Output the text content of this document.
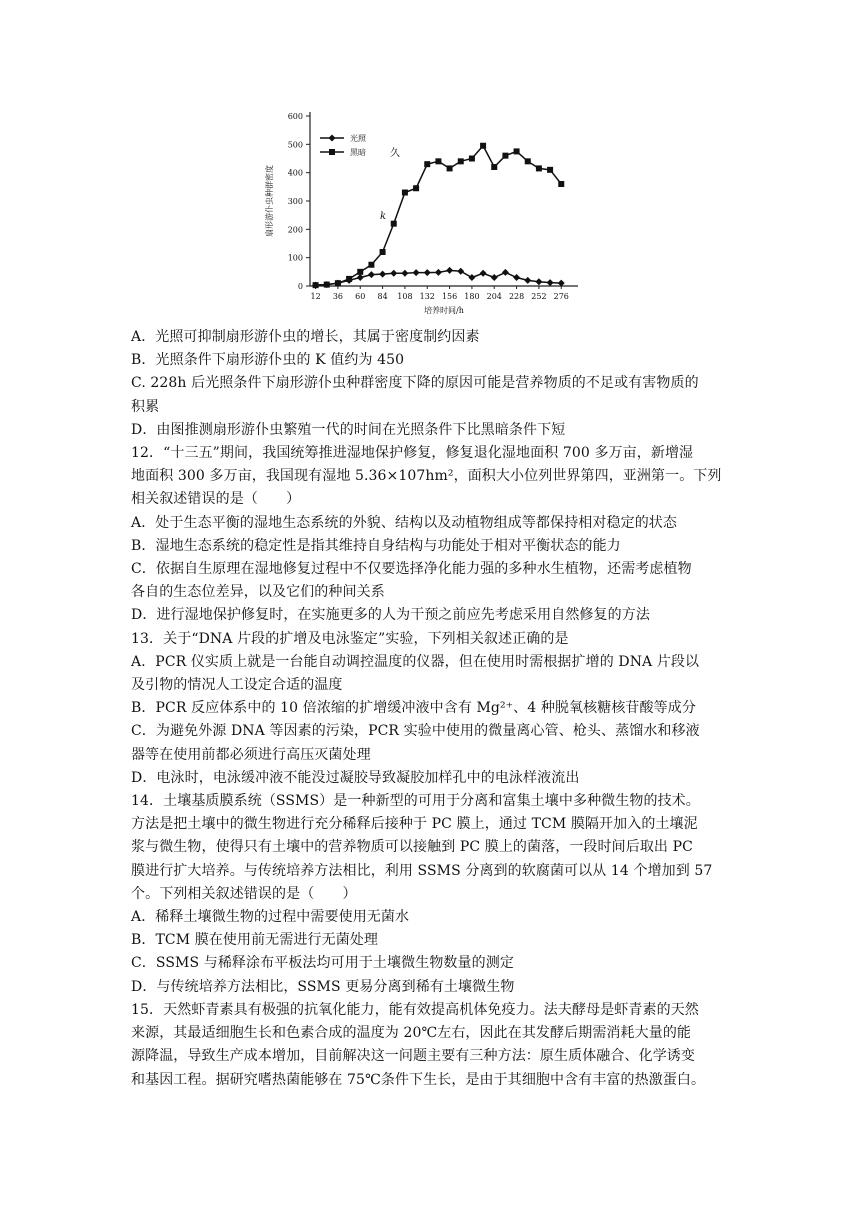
0
100
200
300
400
500
600
12 36 60 84 108 132 156 180 204 228 252 276
培养时间/h
扇形游仆虫种群密度
光照
黑暗 久
k
A．光照可抑制扇形游仆虫的增长，其属于密度制约因素
B．光照条件下扇形游仆虫的 K 值约为 450
C. 228h 后光照条件下扇形游仆虫种群密度下降的原因可能是营养物质的不足或有害物质的
积累
D．由图推测扇形游仆虫繁殖一代的时间在光照条件下比黑暗条件下短
12．“十三五”期间，我国统筹推进湿地保护修复，修复退化湿地面积 700 多万亩，新增湿
地面积 300 多万亩，我国现有湿地 5.36×107hm²，面积大小位列世界第四，亚洲第一。下列
相关叙述错误的是（　　）
A．处于生态平衡的湿地生态系统的外貌、结构以及动植物组成等都保持相对稳定的状态
B．湿地生态系统的稳定性是指其维持自身结构与功能处于相对平衡状态的能力
C．依据自生原理在湿地修复过程中不仅要选择净化能力强的多种水生植物，还需考虑植物
各自的生态位差异，以及它们的种间关系
D．进行湿地保护修复时，在实施更多的人为干预之前应先考虑采用自然修复的方法
13．关于“DNA 片段的扩增及电泳鉴定”实验，下列相关叙述正确的是
A．PCR 仪实质上就是一台能自动调控温度的仪器，但在使用时需根据扩增的 DNA 片段以
及引物的情况人工设定合适的温度
B．PCR 反应体系中的 10 倍浓缩的扩增缓冲液中含有 Mg²⁺、4 种脱氧核糖核苷酸等成分
C．为避免外源 DNA 等因素的污染，PCR 实验中使用的微量离心管、枪头、蒸馏水和移液
器等在使用前都必须进行高压灭菌处理
D．电泳时，电泳缓冲液不能没过凝胶导致凝胶加样孔中的电泳样液流出
14．土壤基质膜系统（SSMS）是一种新型的可用于分离和富集土壤中多种微生物的技术。
方法是把土壤中的微生物进行充分稀释后接种于 PC 膜上，通过 TCM 膜隔开加入的土壤泥
浆与微生物，使得只有土壤中的营养物质可以接触到 PC 膜上的菌落，一段时间后取出 PC
膜进行扩大培养。与传统培养方法相比，利用 SSMS 分离到的软腐菌可以从 14 个增加到 57
个。下列相关叙述错误的是（　　）
A．稀释土壤微生物的过程中需要使用无菌水
B．TCM 膜在使用前无需进行无菌处理
C．SSMS 与稀释涂布平板法均可用于土壤微生物数量的测定
D．与传统培养方法相比，SSMS 更易分离到稀有土壤微生物
15．天然虾青素具有极强的抗氧化能力，能有效提高机体免疫力。法夫酵母是虾青素的天然
来源，其最适细胞生长和色素合成的温度为 20℃左右，因此在其发酵后期需消耗大量的能
源降温，导致生产成本增加，目前解决这一问题主要有三种方法：原生质体融合、化学诱变
和基因工程。据研究嗜热菌能够在 75℃条件下生长，是由于其细胞中含有丰富的热激蛋白。
